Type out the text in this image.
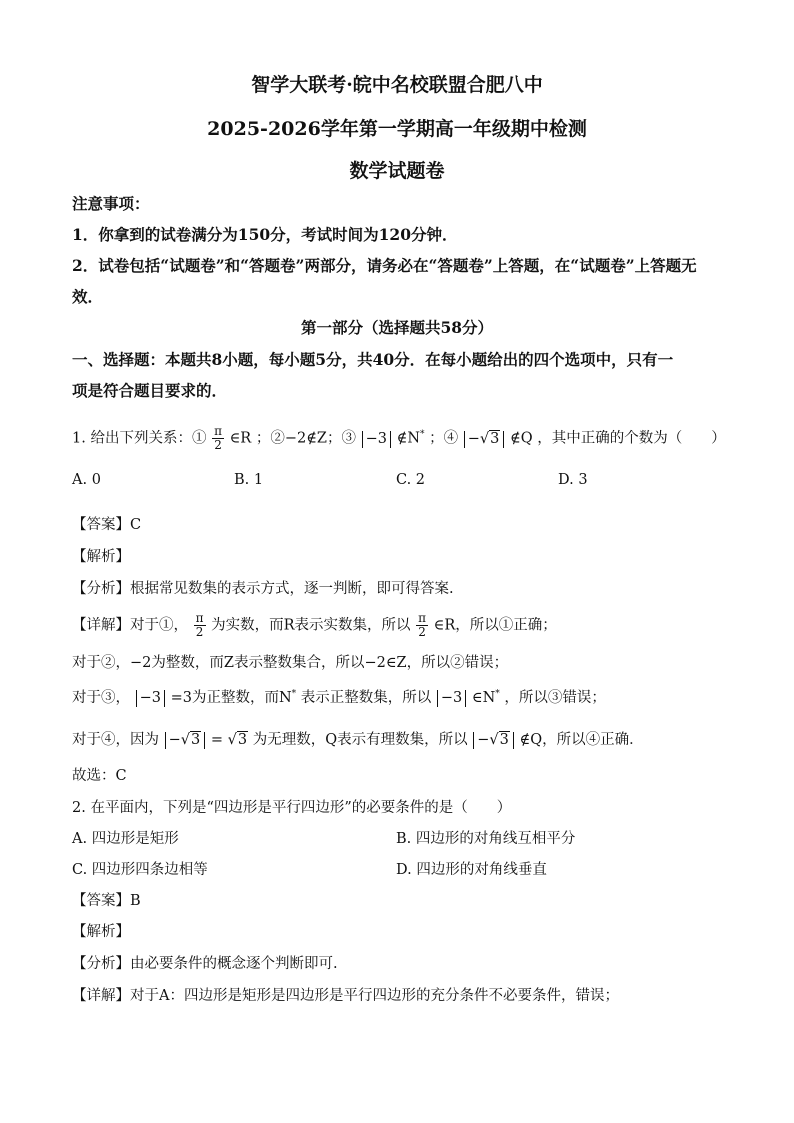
智学大联考·皖中名校联盟合肥八中
2025-2026学年第一学期高一年级期中检测
数学试题卷
注意事项：
1．你拿到的试卷满分为150分，考试时间为120分钟．
2．试卷包括“试题卷”和“答题卷”两部分，请务必在“答题卷”上答题，在“试题卷”上答题无
效．
第一部分（选择题共58分）
一、选择题：本题共8小题，每小题5分，共40分．在每小题给出的四个选项中，只有一
项是符合题目要求的．
1. 给出下列关系：① $\frac{\pi}{2}$ ∈R ；②−2∉Z；③ −3 ∉N* ；④ −√3 ∉Q ，其中正确的个数为（　　）
A. 0	B. 1	C. 2	D. 3
【答案】C
【解析】
【分析】根据常见数集的表示方式，逐一判断，即可得答案.
【详解】对于①， $\frac{\pi}{2}$ 为实数，而R表示实数集，所以 $\frac{\pi}{2}$ ∈R，所以①正确；
对于②，−2为整数，而Z表示整数集合，所以−2∈Z，所以②错误；
对于③， −3 =3为正整数，而N* 表示正整数集，所以 −3 ∈N* ，所以③错误；
对于④，因为 −√3 = √3 为无理数，Q表示有理数集，所以 −√3 ∉Q，所以④正确．
故选：C
2. 在平面内，下列是“四边形是平行四边形”的必要条件的是（　　）
A. 四边形是矩形	B. 四边形的对角线互相平分
C. 四边形四条边相等	D. 四边形的对角线垂直
【答案】B
【解析】
【分析】由必要条件的概念逐个判断即可.
【详解】对于A：四边形是矩形是四边形是平行四边形的充分条件不必要条件，错误；
